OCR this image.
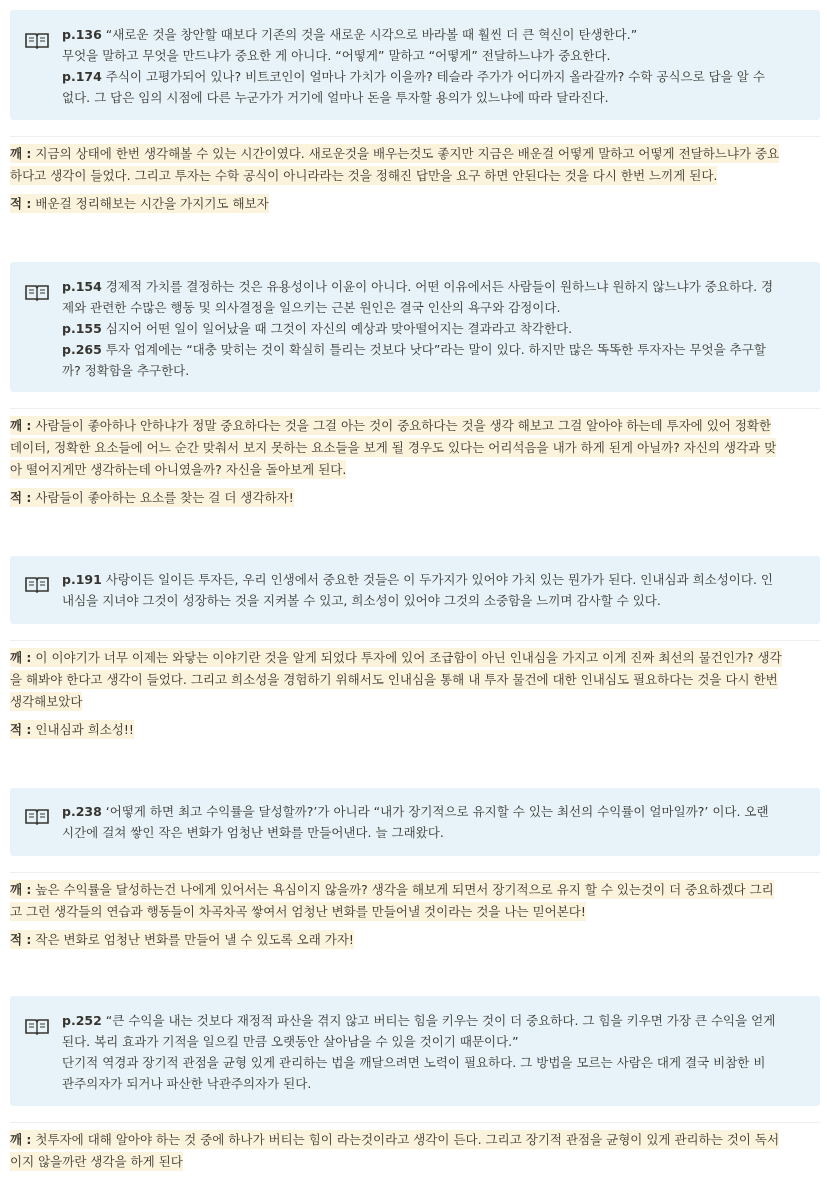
p.136 “새로운 것을 창안할 때보다 기존의 것을 새로운 시각으로 바라볼 때 훨씬 더 큰 혁신이 탄생한다.”
무엇을 말하고 무엇을 만드냐가 중요한 게 아니다. “어떻게” 말하고 “어떻게” 전달하느냐가 중요한다.
p.174 주식이 고평가되어 있나? 비트코인이 얼마나 가치가 이을까? 테슬라 주가가 어디까지 올라갈까? 수학 공식으로 답을 알 수
없다. 그 답은 임의 시점에 다른 누군가가 거기에 얼마나 돈을 투자할 용의가 있느냐에 따라 달라진다.
깨 : 지금의 상태에 한번 생각해볼 수 있는 시간이였다. 새로운것을 배우는것도 좋지만 지금은 배운걸 어떻게 말하고 어떻게 전달하느냐가 중요
하다고 생각이 들었다. 그리고 투자는 수학 공식이 아니라라는 것을 정해진 답만을 요구 하면 안된다는 것을 다시 한번 느끼게 된다.
적 : 배운걸 정리해보는 시간을 가지기도 해보자
p.154 경제적 가치를 결정하는 것은 유용성이나 이윤이 아니다. 어떤 이유에서든 사람들이 원하느냐 원하지 않느냐가 중요하다. 경
제와 관련한 수많은 행동 및 의사결정을 일으키는 근본 원인은 결국 인산의 욕구와 감정이다.
p.155 심지어 어떤 일이 일어났을 때 그것이 자신의 예상과 맞아떨어지는 결과라고 착각한다.
p.265 투자 업계에는 “대충 맞히는 것이 확실히 틀리는 것보다 낫다”라는 말이 있다. 하지만 많은 똑똑한 투자자는 무엇을 추구할
까? 정확함을 추구한다.
깨 : 사람들이 좋아하나 안하냐가 정말 중요하다는 것을 그걸 아는 것이 중요하다는 것을 생각 해보고 그걸 알아야 하는데 투자에 있어 정확한
데이터, 정확한 요소들에 어느 순간 맞춰서 보지 못하는 요소들을 보게 될 경우도 있다는 어리석음을 내가 하게 된게 아닐까? 자신의 생각과 맞
아 떨어지게만 생각하는데 아니였을까? 자신을 돌아보게 된다.
적 : 사람들이 좋아하는 요소를 찾는 걸 더 생각하자!
p.191 사랑이든 일이든 투자든, 우리 인생에서 중요한 것들은 이 두가지가 있어야 가치 있는 뭔가가 된다. 인내심과 희소성이다. 인
내심을 지녀야 그것이 성장하는 것을 지켜볼 수 있고, 희소성이 있어야 그것의 소중함을 느끼며 감사할 수 있다.
깨 : 이 이야기가 너무 이제는 와닿는 이야기란 것을 알게 되었다 투자에 있어 조급함이 아닌 인내심을 가지고 이게 진짜 최선의 물건인가? 생각
을 해봐야 한다고 생각이 들었다. 그리고 희소성을 경험하기 위해서도 인내심을 통해 내 투자 물건에 대한 인내심도 필요하다는 것을 다시 한번
생각해보았다
적 : 인내심과 희소성!!
p.238 ‘어떻게 하면 최고 수익률을 달성할까?’가 아니라 “내가 장기적으로 유지할 수 있는 최선의 수익률이 얼마일까?’ 이다. 오랜
시간에 걸쳐 쌓인 작은 변화가 엄청난 변화를 만들어낸다. 늘 그래왔다.
깨 : 높은 수익률을 달성하는건 나에게 있어서는 욕심이지 않을까? 생각을 해보게 되면서 장기적으로 유지 할 수 있는것이 더 중요하겠다 그리
고 그런 생각들의 연습과 행동들이 차곡차곡 쌓여서 엄청난 변화를 만들어낼 것이라는 것을 나는 믿어본다!
적 : 작은 변화로 엄청난 변화를 만들어 낼 수 있도록 오래 가자!
p.252 “큰 수익을 내는 것보다 재정적 파산을 겪지 않고 버티는 힘을 키우는 것이 더 중요하다. 그 힘을 키우면 가장 큰 수익을 얻게
된다. 복리 효과가 기적을 일으킬 만큼 오랫동안 살아남을 수 있을 것이기 때문이다.”
단기적 역경과 장기적 관점을 균형 있게 관리하는 법을 깨달으려면 노력이 필요하다. 그 방법을 모르는 사람은 대게 결국 비참한 비
관주의자가 되거나 파산한 낙관주의자가 된다.
깨 : 첫투자에 대해 알아야 하는 것 중에 하나가 버티는 힘이 라는것이라고 생각이 든다. 그리고 장기적 관점을 균형이 있게 관리하는 것이 독서
이지 않을까란 생각을 하게 된다
